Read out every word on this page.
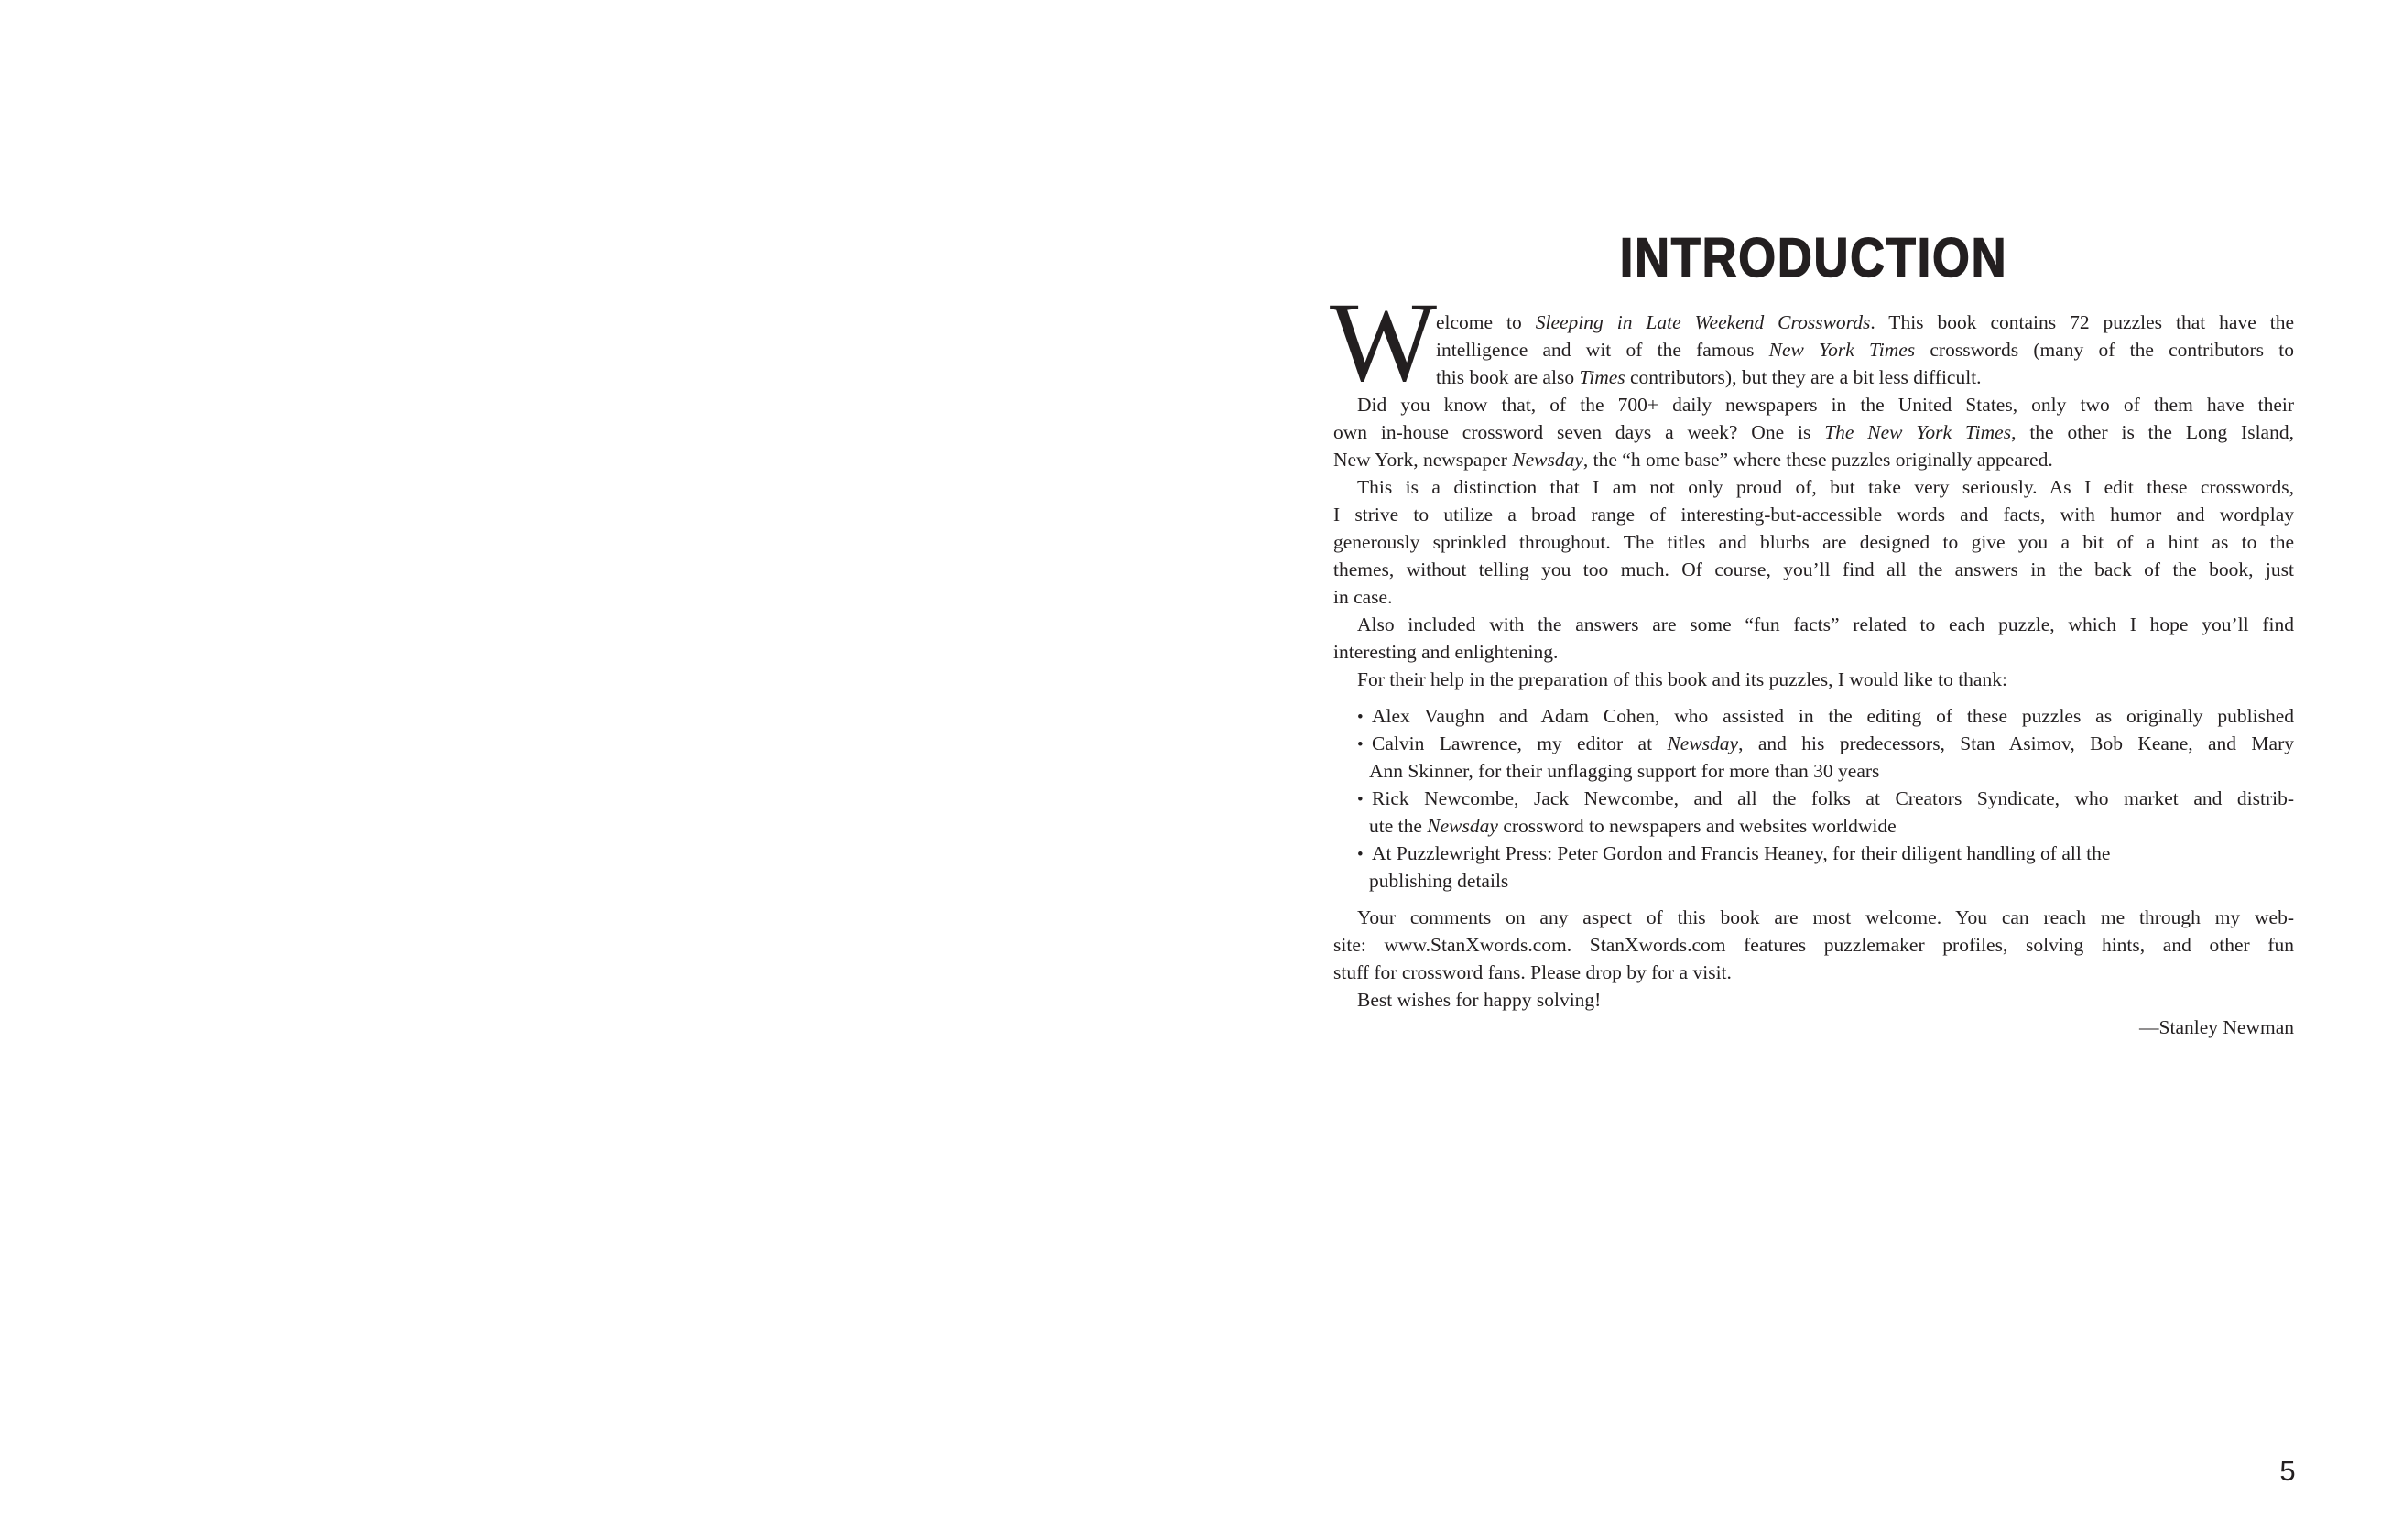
INTRODUCTION
W
elcome to Sleeping in Late Weekend Crosswords. This book contains 72 puzzles that have the
intelligence and wit of the famous New York Times crosswords (many of the contributors to
this book are also Times contributors), but they are a bit less difficult.
Did you know that, of the 700+ daily newspapers in the United States, only two of them have their
own in-house crossword seven days a week? One is The New York Times, the other is the Long Island,
New York, newspaper Newsday, the “h ome base” where these puzzles originally appeared.
This is a distinction that I am not only proud of, but take very seriously. As I edit these crosswords,
I strive to utilize a broad range of interesting-but-accessible words and facts, with humor and wordplay
generously sprinkled throughout. The titles and blurbs are designed to give you a bit of a hint as to the
themes, without telling you too much. Of course, you’ll find all the answers in the back of the book, just
in case.
Also included with the answers are some “fun facts” related to each puzzle, which I hope you’ll find
interesting and enlightening.
For their help in the preparation of this book and its puzzles, I would like to thank:
• Alex Vaughn and Adam Cohen, who assisted in the editing of these puzzles as originally published
• Calvin Lawrence, my editor at Newsday, and his predecessors, Stan Asimov, Bob Keane, and Mary
Ann Skinner, for their unflagging support for more than 30 years
• Rick Newcombe, Jack Newcombe, and all the folks at Creators Syndicate, who market and distrib-
ute the Newsday crossword to newspapers and websites worldwide
• At Puzzlewright Press: Peter Gordon and Francis Heaney, for their diligent handling of all the
publishing details
Your comments on any aspect of this book are most welcome. You can reach me through my web-
site: www.StanXwords.com. StanXwords.com features puzzlemaker profiles, solving hints, and other fun
stuff for crossword fans. Please drop by for a visit.
Best wishes for happy solving!
—Stanley Newman
5
